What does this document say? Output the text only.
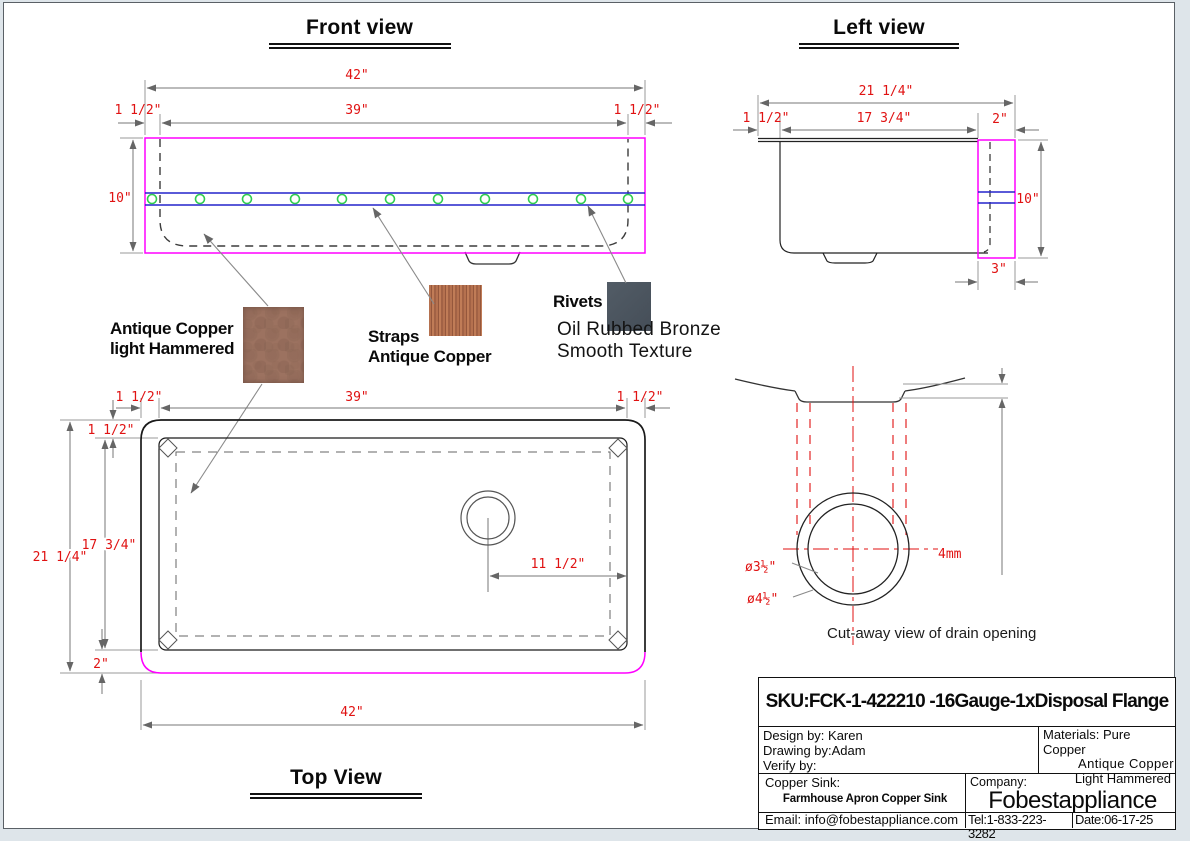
Front view	Left view
Top View
Antique Copper
light Hammered
Straps
Antique Copper
Rivets
Oil Rubbed Bronze
Smooth Texture
Cut-away view of drain opening
SKU:FCK-1-422210 -16Gauge-1xDisposal Flange
Design by: Karen
Drawing by:Adam
Verify by:
Materials: Pure Copper
Antique Copper
Light Hammered
Copper Sink:
Farmhouse Apron Copper Sink
Company:
Fobestappliance
Email: info@fobestappliance.com Tel:1-833-223-3282
Date:06-17-25
42"
39"
1 1/2"	1 1/2"
10"
21 1/4"
1 1/2"	17 3/4"	2"
10"
3"
1 1/2"	39"	1 1/2"
1 1/2"
17 3/4"
21 1/4"
2"
42"
11 1/2"	ø3½"
ø4½"
4mm
